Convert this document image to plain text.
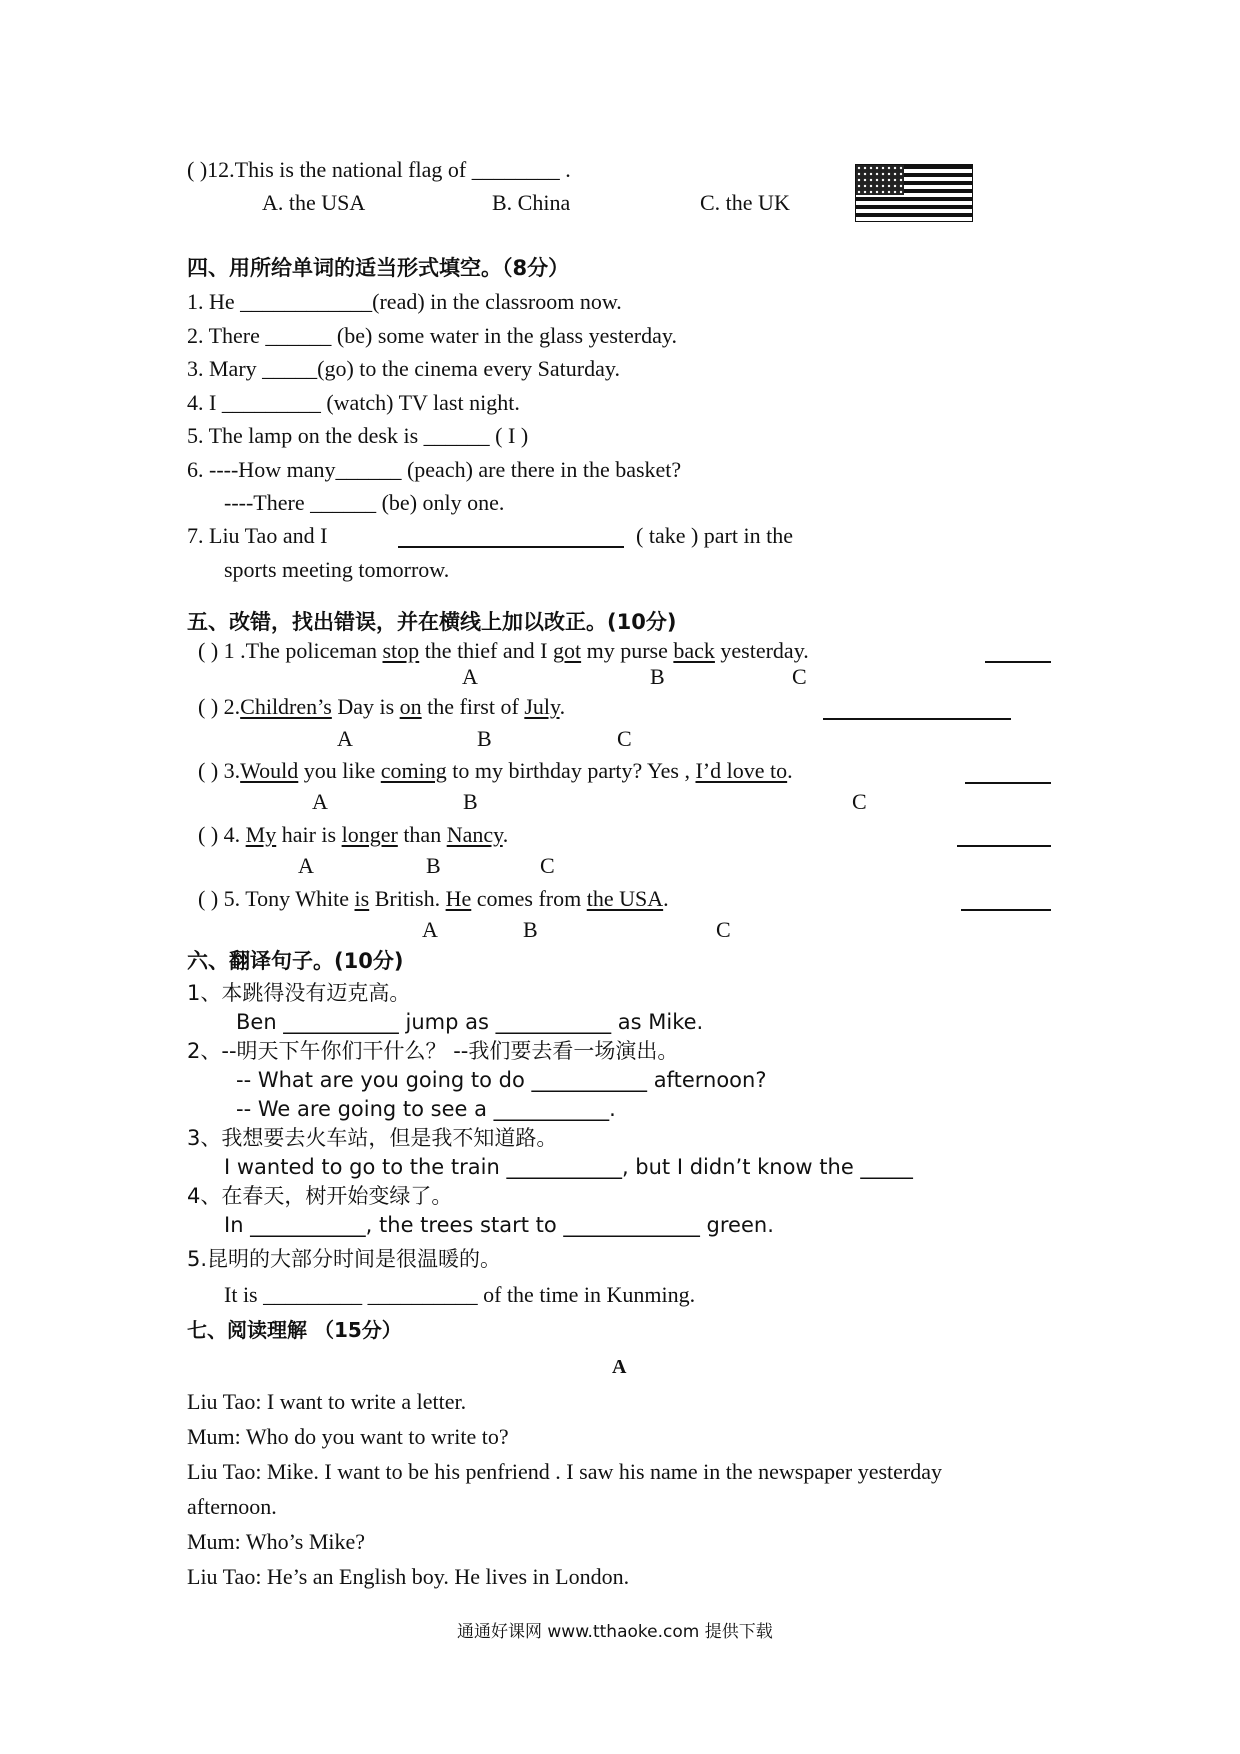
( )12.This is the national flag of ________ .
A. the USA	B. China	C. the UK
四、用所给单词的适当形式填空。（8分）
1. He ____________(read) in the classroom now.
2. There ______ (be) some water in the glass yesterday.
3. Mary _____(go) to the cinema every Saturday.
4. I _________ (watch) TV last night.
5. The lamp on the desk is ______ ( I )
6. ----How many______ (peach) are there in the basket?
----There ______ (be) only one.
7. Liu Tao and I	( take ) part in the
sports meeting tomorrow.
五、改错，找出错误，并在横线上加以改正。(10分)
( ) 1 .The policeman stop the thief and I got my purse back yesterday.
A	B	C
( ) 2.Children’s Day is on the first of July.
A	B	C
( ) 3.Would you like coming to my birthday party? Yes , I’d love to.
A	B	C
( ) 4. My hair is longer than Nancy.
A	B	C
( ) 5. Tony White is British. He comes from the USA.
A	B	C
六、翻译句子。(10分)
1、本跳得没有迈克高。
Ben ___________ jump as ___________ as Mike.
2、--明天下午你们干什么？ --我们要去看一场演出。
-- What are you going to do ___________ afternoon?
-- We are going to see a ___________.
3、我想要去火车站，但是我不知道路。
I wanted to go to the train ___________, but I didn’t know the _____
4、在春天，树开始变绿了。
In ___________, the trees start to _____________ green.
5.昆明的大部分时间是很温暖的。
It is _________ __________ of the time in Kunming.
七、阅读理解 （15分）
A
Liu Tao: I want to write a letter.
Mum: Who do you want to write to?
Liu Tao: Mike. I want to be his penfriend . I saw his name in the newspaper yesterday
afternoon.
Mum: Who’s Mike?
Liu Tao: He’s an English boy. He lives in London.
通通好课网 www.tthaoke.com 提供下载
